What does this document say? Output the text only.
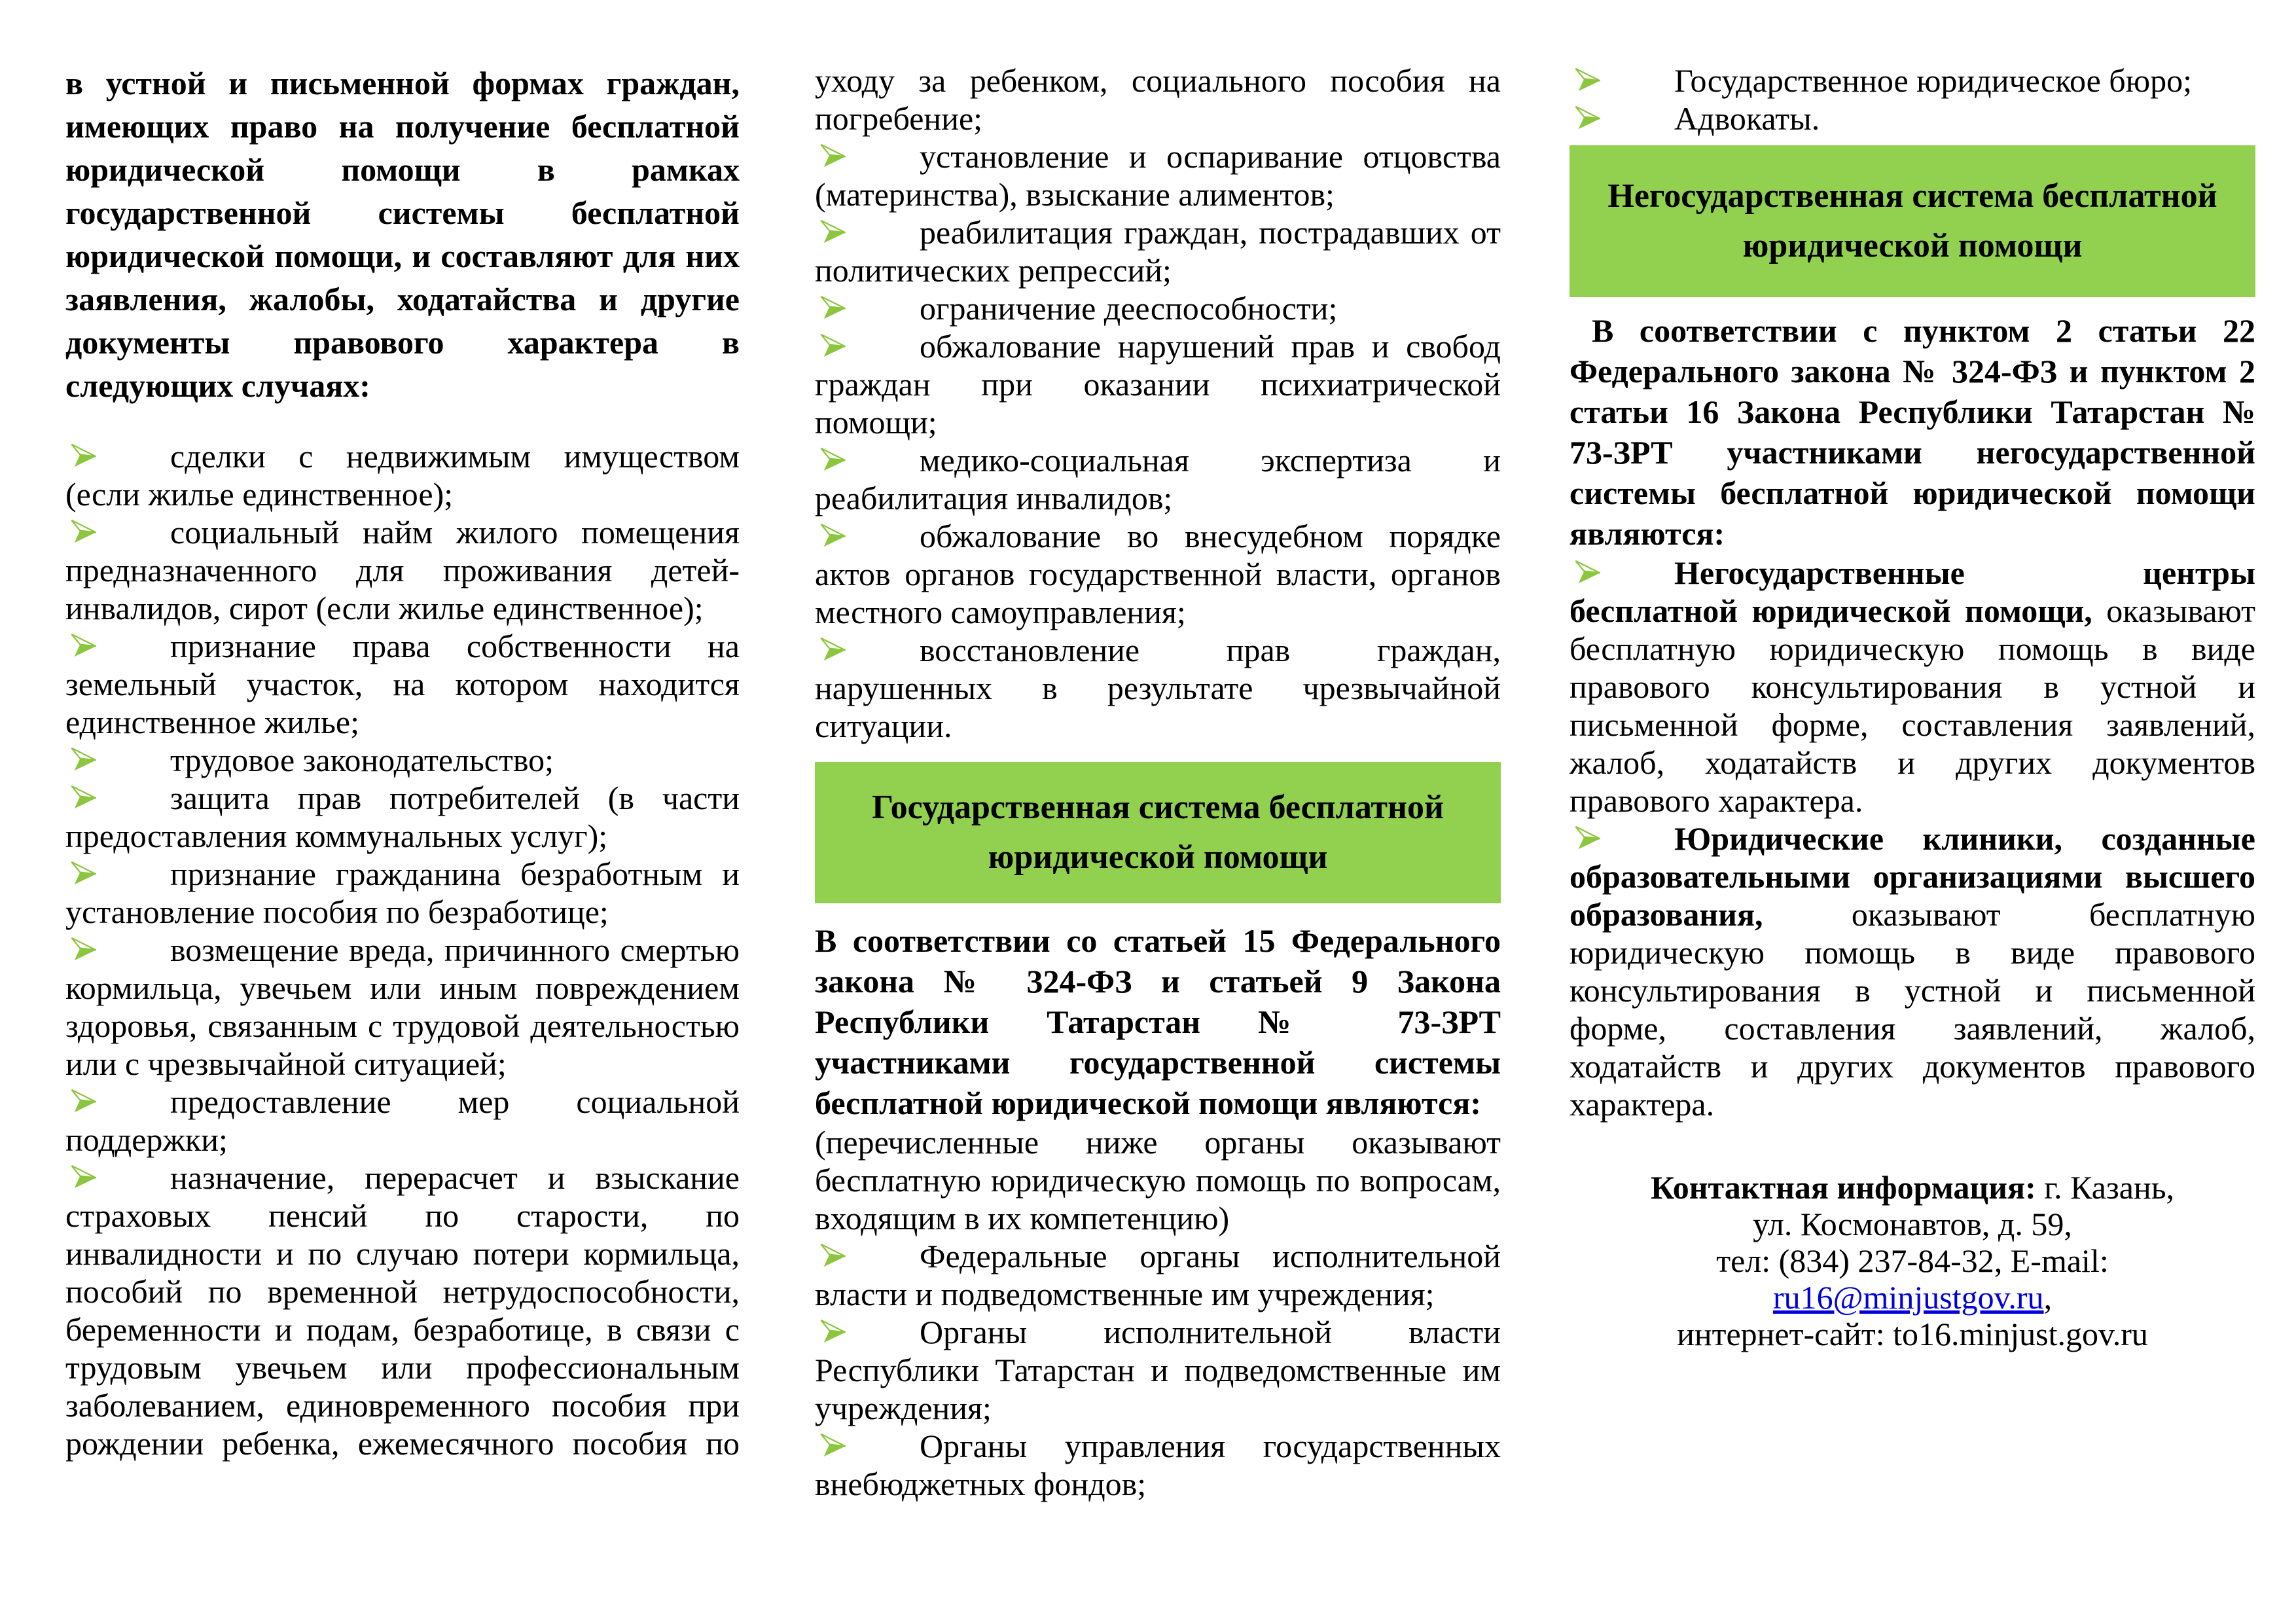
в устной и письменной формах граждан, имеющих право на получение бесплатной юридической помощи в рамках государственной системы бесплатной юридической помощи, и составляют для них заявления, жалобы, ходатайства и другие документы правового характера в следующих случаях:

сделки с недвижимым имуществом (если жилье единственное);

социальный найм жилого помещения предназначенного для проживания детей-инвалидов, сирот (если жилье единственное);

признание права собственности на земельный участок, на котором находится единственное жилье;

трудовое законодательство;

защита прав потребителей (в части предоставления коммунальных услуг);

признание гражданина безработным и установление пособия по безработице;

возмещение вреда, причинного смертью кормильца, увечьем или иным повреждением здоровья, связанным с трудовой деятельностью или с чрезвычайной ситуацией;

предоставление мер социальной поддержки;

назначение, перерасчет и взыскание страховых пенсий по старости, по инвалидности и по случаю потери кормильца, пособий по временной нетрудоспособности, беременности и подам, безработице, в связи с трудовым увечьем или профессиональным заболеванием, единовременного пособия при рождении ребенка, ежемесячного пособия по

уходу за ребенком, социального пособия на погребение;

установление и оспаривание отцовства (материнства), взыскание алиментов;

реабилитация граждан, пострадавших от политических репрессий;

ограничение дееспособности;

обжалование нарушений прав и свобод граждан при оказании психиатрической помощи;

медико-социальная экспертиза и реабилитация инвалидов;

обжалование во внесудебном порядке актов органов государственной власти, органов местного самоуправления;

восстановление прав граждан, нарушенных в результате чрезвычайной ситуации.

Государственная система бесплатной юридической помощи

В соответствии со статьей 15 Федерального закона № 324-ФЗ и статьей 9 Закона Республики Татарстан № 73-ЗРТ участниками государственной системы бесплатной юридической помощи являются:

(перечисленные ниже органы оказывают бесплатную юридическую помощь по вопросам, входящим в их компетенцию)

Федеральные органы исполнительной власти и подведомственные им учреждения;

Органы исполнительной власти Республики Татарстан и подведомственные им учреждения;

Органы управления государственных внебюджетных фондов;

Государственное юридическое бюро;

Адвокаты.

Негосударственная система бесплатной юридической помощи

В соответствии с пунктом 2 статьи 22 Федерального закона № 324-ФЗ и пунктом 2 статьи 16 Закона Республики Татарстан № 73-ЗРТ участниками негосударственной системы бесплатной юридической помощи являются:

Негосударственные центры бесплатной юридической помощи, оказывают бесплатную юридическую помощь в виде правового консультирования в устной и письменной форме, составления заявлений, жалоб, ходатайств и других документов правового характера.

Юридические клиники, созданные образовательными организациями высшего образования, оказывают бесплатную юридическую помощь в виде правового консультирования в устной и письменной форме, составления заявлений, жалоб, ходатайств и других документов правового характера.

Контактная информация: г. Казань,

ул. Космонавтов, д. 59,

тел: (834) 237-84-32, E-mail:

ru16@minjustgov.ru,

интернет-сайт: to16.minjust.gov.ru
